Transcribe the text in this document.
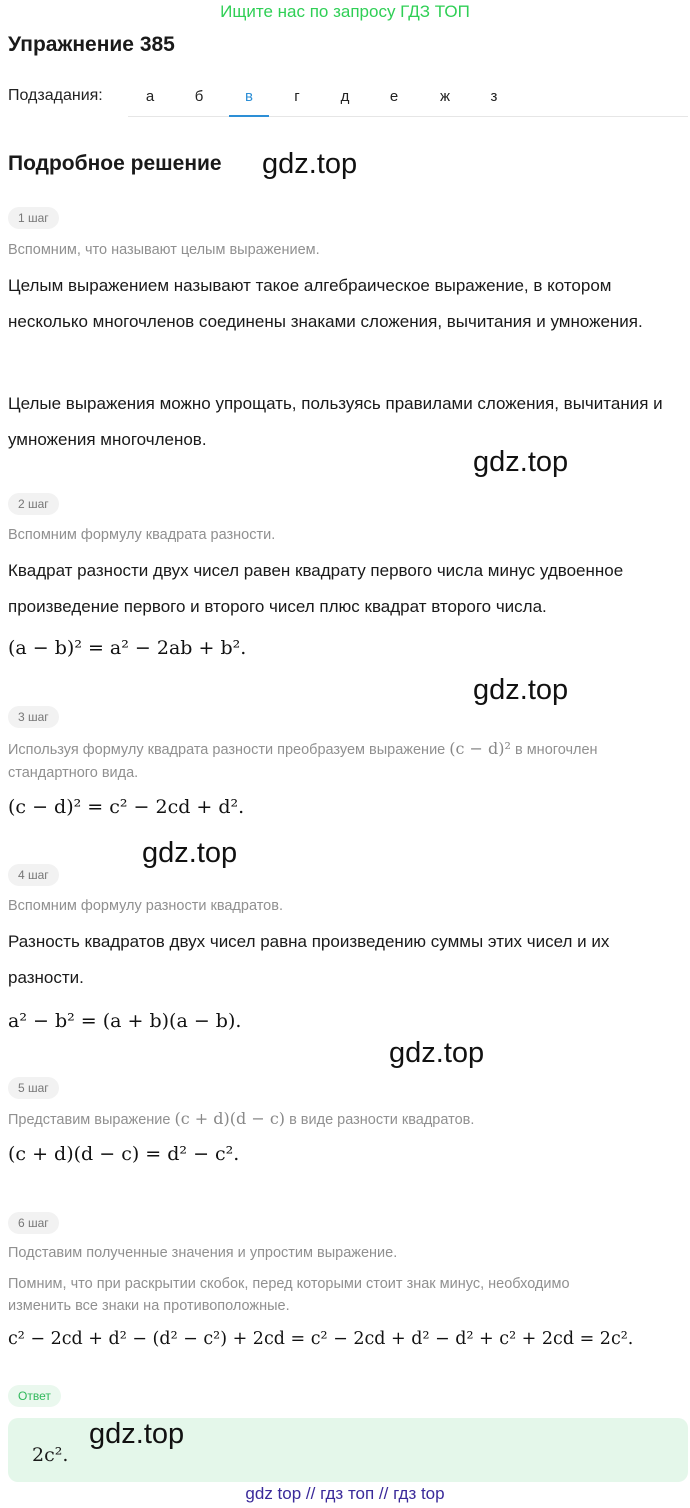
Ищите нас по запросу ГДЗ ТОП
Упражнение 385
Подзадания:	а	б	в	г	д	е	ж	з
Подробное решение gdz.top
1 шаг
Вспомним, что называют целым выражением.
Целым выражением называют такое алгебраическое выражение, в котором несколько многочленов соединены знаками сложения, вычитания и умножения.
Целые выражения можно упрощать, пользуясь правилами сложения, вычитания и умножения многочленов.
gdz.top
2 шаг
Вспомним формулу квадрата разности.
Квадрат разности двух чисел равен квадрату первого числа минус удвоенное произведение первого и второго чисел плюс квадрат второго числа.
(a − b)² = a² − 2ab + b².
gdz.top
3 шаг
Используя формулу квадрата разности преобразуем выражение (c − d)² в многочлен
стандартного вида.
(c − d)² = c² − 2cd + d².
gdz.top
4 шаг
Вспомним формулу разности квадратов.
Разность квадратов двух чисел равна произведению суммы этих чисел и их разности.
a² − b² = (a + b)(a − b).
gdz.top
5 шаг
Представим выражение (c + d)(d − c) в виде разности квадратов.
(c + d)(d − c) = d² − c².
6 шаг
Подставим полученные значения и упростим выражение.
Помним, что при раскрытии скобок, перед которыми стоит знак минус, необходимо
изменить все знаки на противоположные.
c² − 2cd + d² − (d² − c²) + 2cd = c² − 2cd + d² − d² + c² + 2cd = 2c².
Ответ
2c².
gdz.top
gdz top // гдз топ // гдз top
